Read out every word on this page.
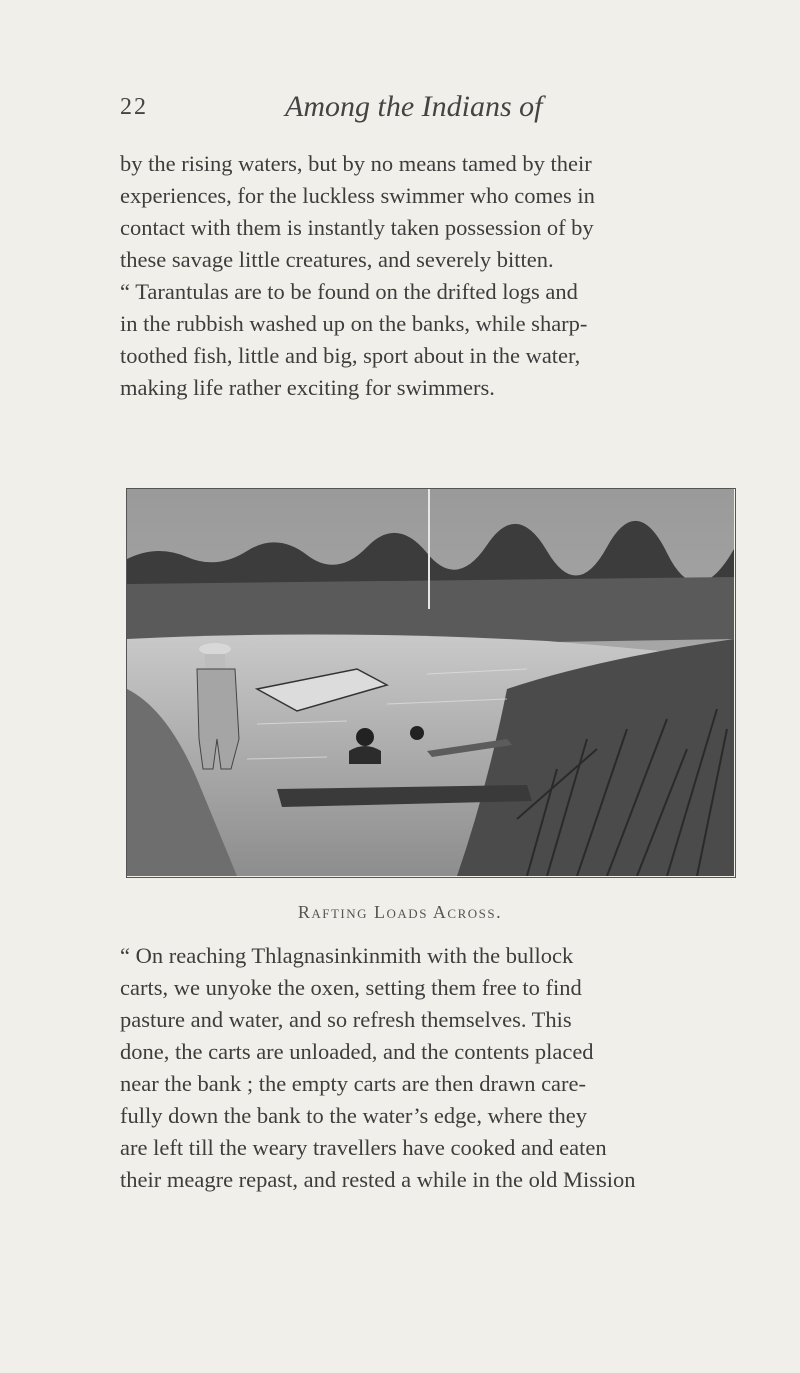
22	Among the Indians of

by the rising waters, but by no means tamed by their
experiences, for the luckless swimmer who comes in
contact with them is instantly taken possession of by
these savage little creatures, and severely bitten.
“ Tarantulas are to be found on the drifted logs and
in the rubbish washed up on the banks, while sharp-
toothed fish, little and big, sport about in the water,
making life rather exciting for swimmers.

Rafting Loads Across.

“ On reaching Thlagnasinkinmith with the bullock
carts, we unyoke the oxen, setting them free to find
pasture and water, and so refresh themselves. This
done, the carts are unloaded, and the contents placed
near the bank ; the empty carts are then drawn care-
fully down the bank to the water’s edge, where they
are left till the weary travellers have cooked and eaten
their meagre repast, and rested a while in the old Mission
